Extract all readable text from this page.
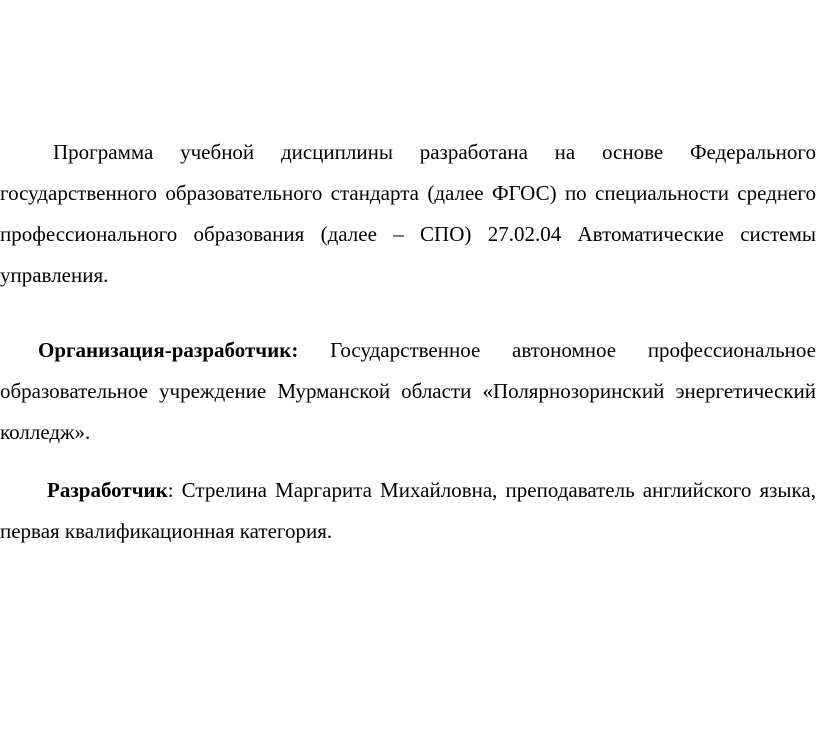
Программа учебной дисциплины разработана на основе Федерального государственного образовательного стандарта (далее ФГОС) по специальности среднего профессионального образования (далее – СПО) 27.02.04 Автоматические системы управления.

Организация-разработчик: Государственное автономное профессиональное образовательное учреждение Мурманской области «Полярнозоринский энергетический колледж».

Разработчик: Стрелина Маргарита Михайловна, преподаватель английского языка, первая квалификационная категория.
